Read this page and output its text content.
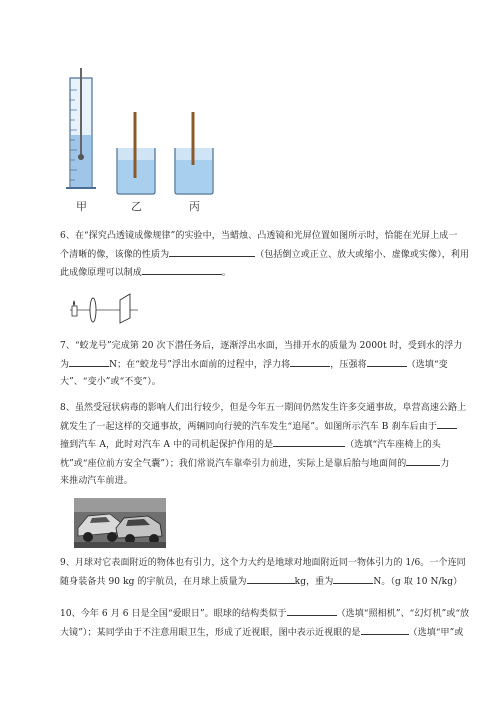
甲	乙	丙

6、在“探究凸透镜成像规律”的实验中，当蜡烛、凸透镜和光屏位置如图所示时，恰能在光屏上成一

个清晰的像，该像的性质为	（包括倒立或正立、放大或缩小、虚像或实像），利用

此成像原理可以制成	。

7、“蛟龙号”完成第 20 次下潜任务后，逐渐浮出水面，当排开水的质量为 2000t 时，受到水的浮力

为	N；在“蛟龙号”浮出水面前的过程中，浮力将	，压强将	（选填“变

大”、“变小”或“不变”）。

8、虽然受冠状病毒的影响人们出行较少，但是今年五一期间仍然发生许多交通事故，阜营高速公路上

就发生了一起这样的交通事故，两辆同向行驶的汽车发生“追尾”。如图所示汽车 B 刹车后由于

撞到汽车 A，此时对汽车 A 中的司机起保护作用的是	（选填“汽车座椅上的头

枕”或“座位前方安全气囊”）；我们常说汽车靠牵引力前进，实际上是靠后胎与地面间的	力

来推动汽车前进。

9、月球对它表面附近的物体也有引力，这个力大约是地球对地面附近同一物体引力的 1/6。一个连同

随身装备共 90 kg 的宇航员，在月球上质量为	kg，重为	N。（g 取 10 N/kg）

10、今年 6 月 6 日是全国“爱眼日”。眼球的结构类似于	（选填“照相机”、“幻灯机”或“放

大镜”）；某同学由于不注意用眼卫生，形成了近视眼，图中表示近视眼的是	（选填“甲”或
